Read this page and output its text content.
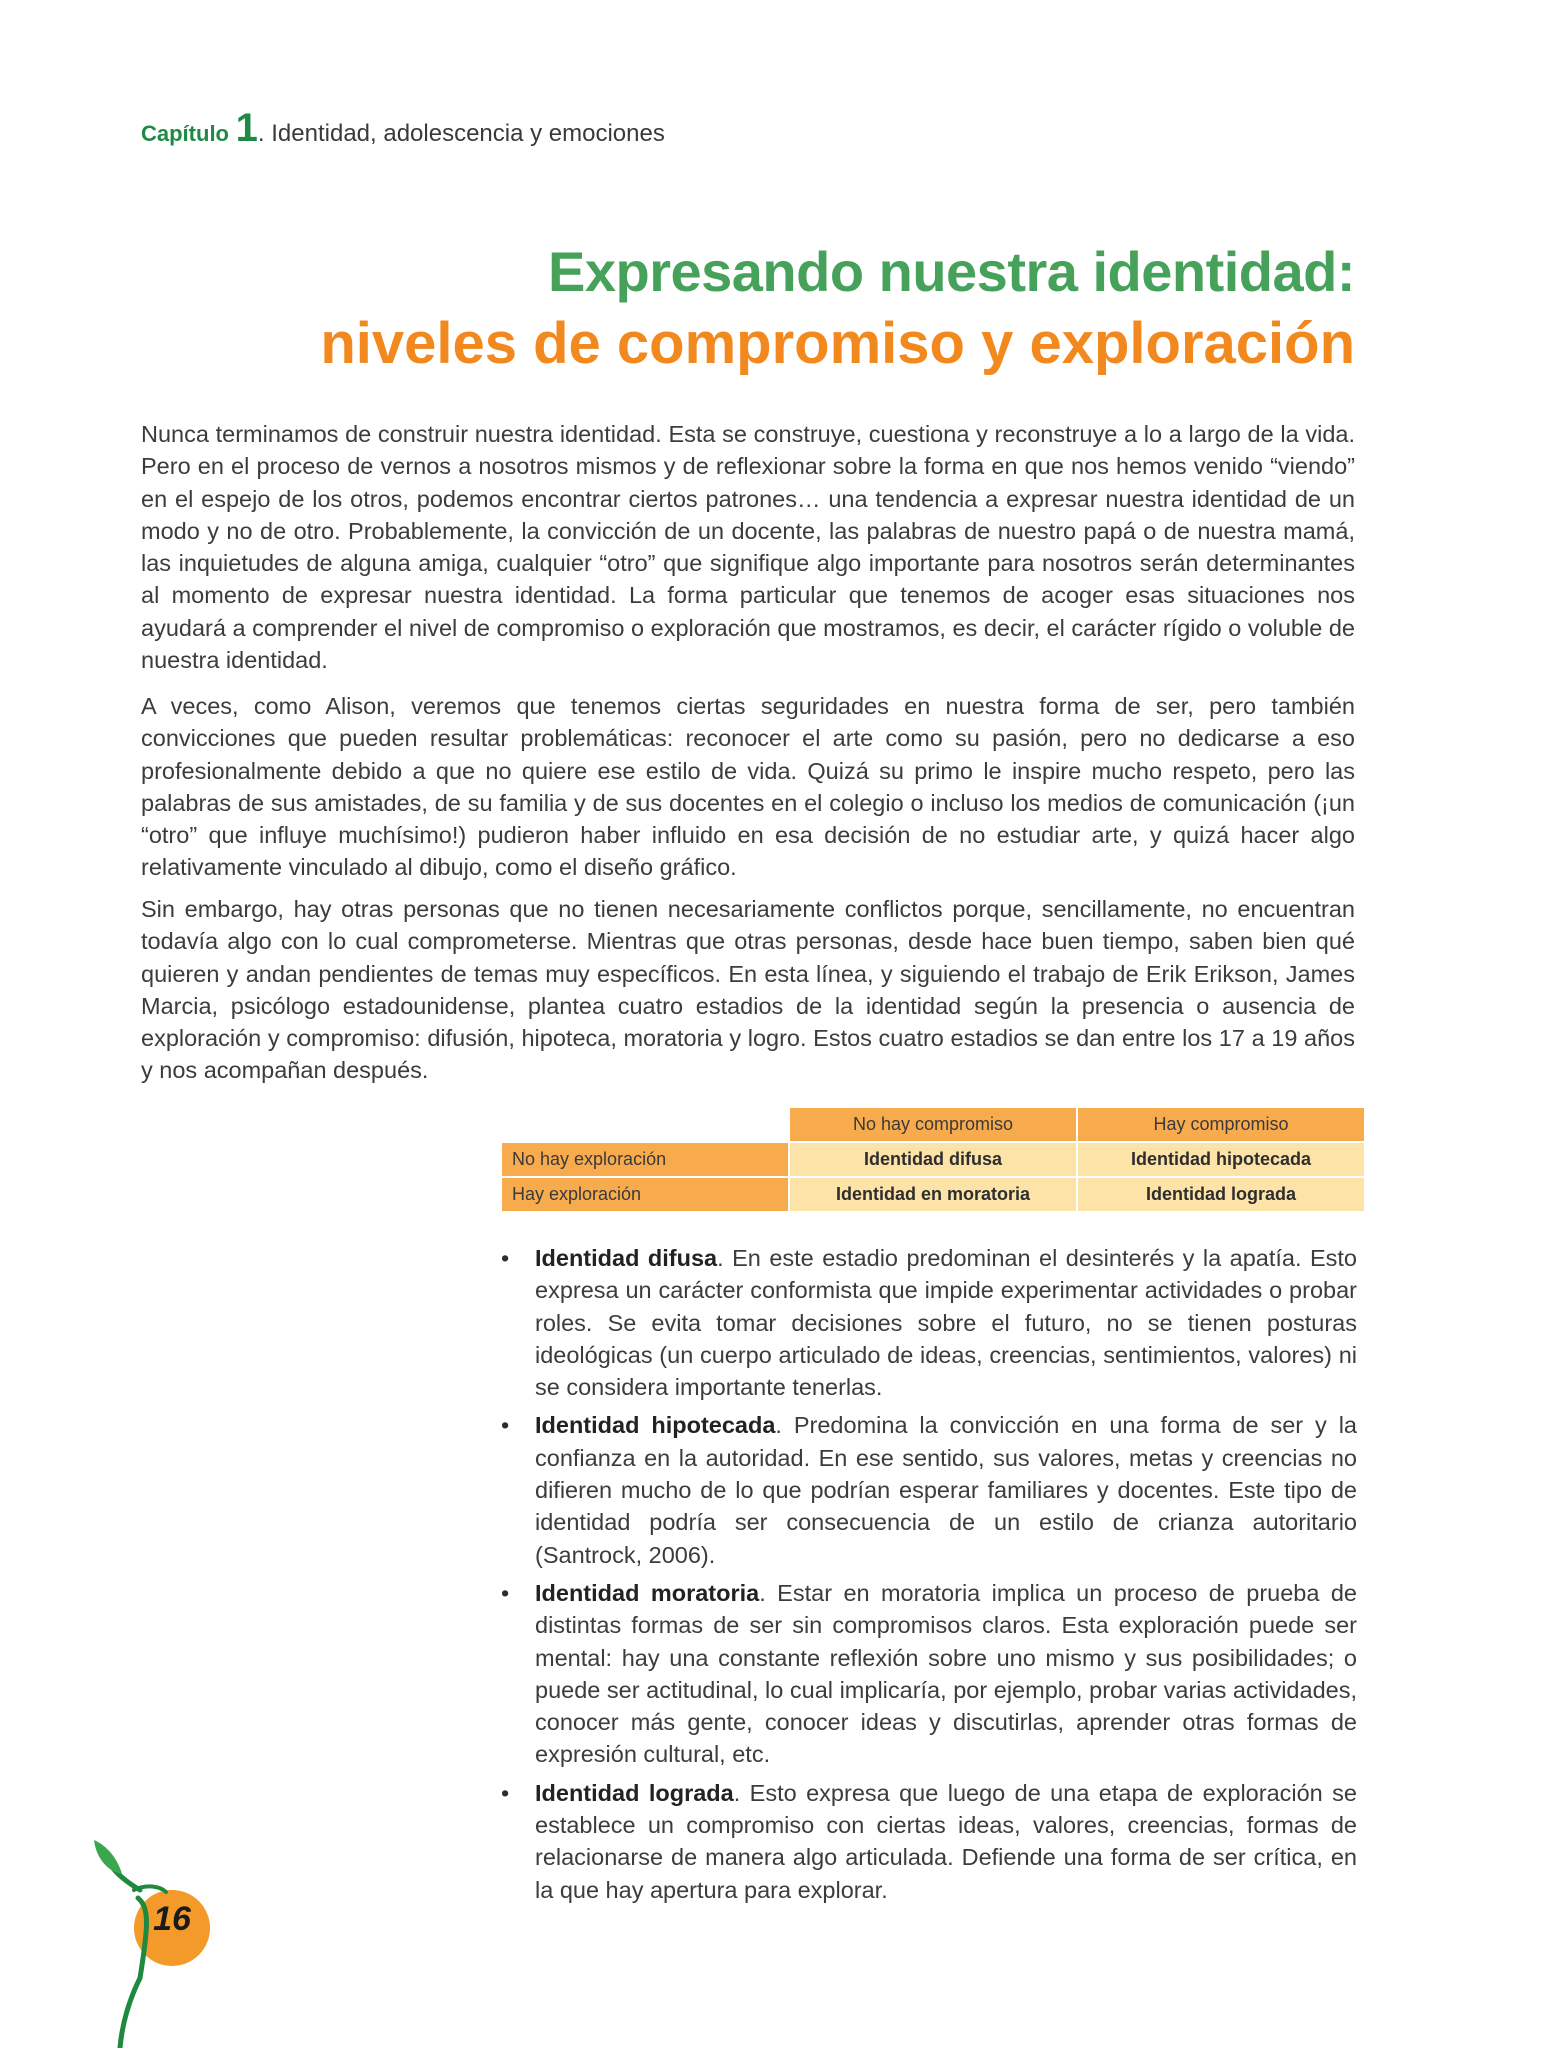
Capítulo 1. Identidad, adolescencia y emociones
Expresando nuestra identidad:
niveles de compromiso y exploración

Nunca terminamos de construir nuestra identidad. Esta se construye, cuestiona y reconstruye a lo a largo de la vida. Pero en el proceso de vernos a nosotros mismos y de reflexionar sobre la forma en que nos hemos venido “viendo” en el espejo de los otros, podemos encontrar ciertos patrones… una tendencia a expresar nuestra identidad de un modo y no de otro. Probablemente, la convicción de un docente, las palabras de nuestro papá o de nuestra mamá, las inquietudes de alguna amiga, cualquier “otro” que signifique algo importante para nosotros serán determinantes al momento de expresar nuestra identidad. La forma particular que tenemos de acoger esas situaciones nos ayudará a comprender el nivel de compromiso o exploración que mostramos, es decir, el carácter rígido o voluble de nuestra identidad.

A veces, como Alison, veremos que tenemos ciertas seguridades en nuestra forma de ser, pero también convicciones que pueden resultar problemáticas: reconocer el arte como su pasión, pero no dedicarse a eso profesionalmente debido a que no quiere ese estilo de vida. Quizá su primo le inspire mucho respeto, pero las palabras de sus amistades, de su familia y de sus docentes en el colegio o incluso los medios de comunicación (¡un “otro” que influye muchísimo!) pudieron haber influido en esa decisión de no estudiar arte, y quizá hacer algo relativamente vinculado al dibujo, como el diseño gráfico.

Sin embargo, hay otras personas que no tienen necesariamente conflictos porque, sencillamente, no encuentran todavía algo con lo cual comprometerse. Mientras que otras personas, desde hace buen tiempo, saben bien qué quieren y andan pendientes de temas muy específicos. En esta línea, y siguiendo el trabajo de Erik Erikson, James Marcia, psicólogo estadounidense, plantea cuatro estadios de la identidad según la presencia o ausencia de exploración y compromiso: difusión, hipoteca, moratoria y logro. Estos cuatro estadios se dan entre los 17 a 19 años y nos acompañan después.

	No hay compromiso	Hay compromiso
No hay exploración	Identidad difusa	Identidad hipotecada
Hay exploración	Identidad en moratoria	Identidad lograda
• Identidad difusa. En este estadio predominan el desinterés y la apatía. Esto expresa un carácter conformista que impide experimentar actividades o probar roles. Se evita tomar decisiones sobre el futuro, no se tienen posturas ideológicas (un cuerpo articulado de ideas, creencias, sentimientos, valores) ni se considera importante tenerlas.
• Identidad hipotecada. Predomina la convicción en una forma de ser y la confianza en la autoridad. En ese sentido, sus valores, metas y creencias no difieren mucho de lo que podrían esperar familiares y docentes. Este tipo de identidad podría ser consecuencia de un estilo de crianza autoritario (Santrock, 2006).
• Identidad moratoria. Estar en moratoria implica un proceso de prueba de distintas formas de ser sin compromisos claros. Esta exploración puede ser mental: hay una constante reflexión sobre uno mismo y sus posibilidades; o puede ser actitudinal, lo cual implicaría, por ejemplo, probar varias actividades, conocer más gente, conocer ideas y discutirlas, aprender otras formas de expresión cultural, etc.
• Identidad lograda. Esto expresa que luego de una etapa de exploración se establece un compromiso con ciertas ideas, valores, creencias, formas de relacionarse de manera algo articulada. Defiende una forma de ser crítica, en la que hay apertura para explorar.
16
